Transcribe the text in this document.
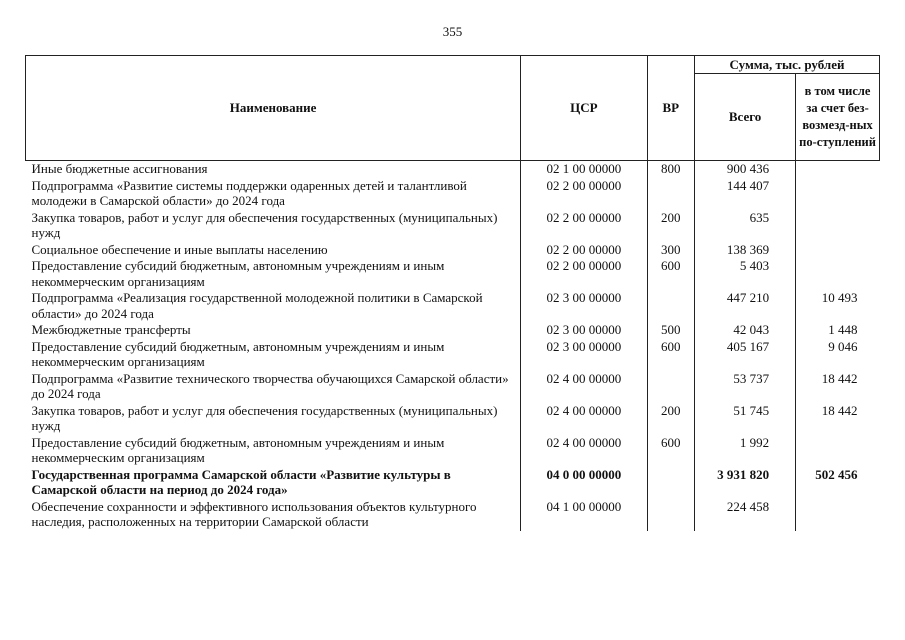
355
Наименование	ЦСР	ВР	Сумма, тыс. рублей	
			Всего	в том числе за счет без-возмезд-ных по-ступлений
Иные бюджетные ассигнования	02 1 00 00000	800	900 436	
Подпрограмма «Развитие системы поддержки одаренных детей и талантливой молодежи в Самарской области» до 2024 года	02 2 00 00000		144 407	
Закупка товаров, работ и услуг для обеспечения государственных (муниципальных) нужд	02 2 00 00000	200	635	
Социальное обеспечение и иные выплаты населению	02 2 00 00000	300	138 369	
Предоставление субсидий бюджетным, автономным учреждениям и иным некоммерческим организациям	02 2 00 00000	600	5 403	
Подпрограмма «Реализация государственной молодежной политики в Самарской области» до 2024 года	02 3 00 00000		447 210	10 493
Межбюджетные трансферты	02 3 00 00000	500	42 043	1 448
Предоставление субсидий бюджетным, автономным учреждениям и иным некоммерческим организациям	02 3 00 00000	600	405 167	9 046
Подпрограмма «Развитие технического творчества обучающихся Самарской области» до 2024 года	02 4 00 00000		53 737	18 442
Закупка товаров, работ и услуг для обеспечения государственных (муниципальных) нужд	02 4 00 00000	200	51 745	18 442
Предоставление субсидий бюджетным, автономным учреждениям и иным некоммерческим организациям	02 4 00 00000	600	1 992	
Государственная программа Самарской области «Развитие культуры в Самарской области на период до 2024 года»	04 0 00 00000		3 931 820	502 456
Обеспечение сохранности и эффективного использования объектов культурного наследия, расположенных на территории Самарской области	04 1 00 00000		224 458	
